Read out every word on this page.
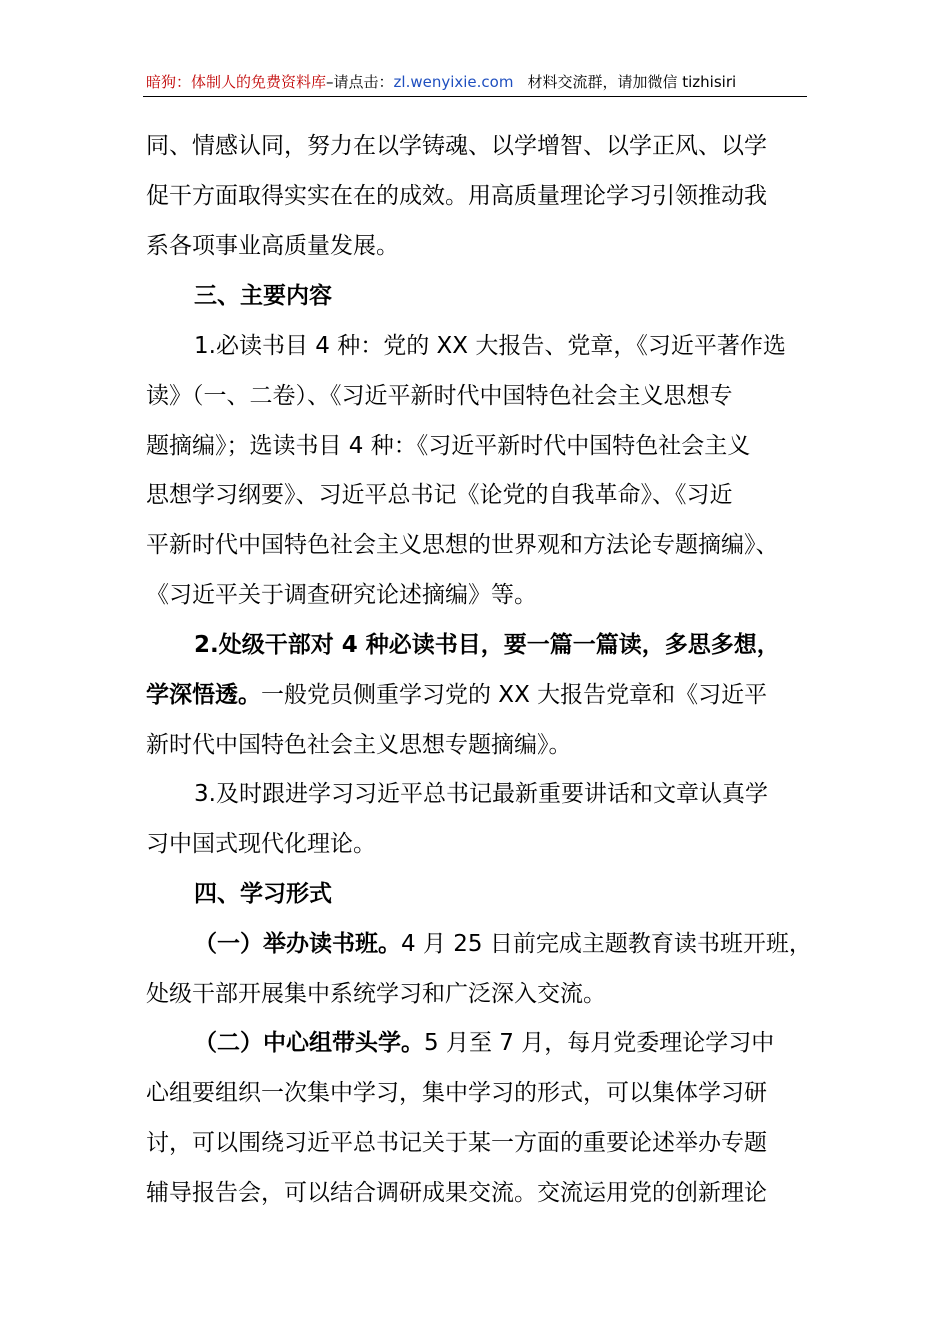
暗狗：体制人的免费资料库–请点击：zl.wenyixie.com 材料交流群，请加微信 tizhisiri
同、情感认同，努力在以学铸魂、以学增智、以学正风、以学
促干方面取得实实在在的成效。用高质量理论学习引领推动我
系各项事业高质量发展。
三、主要内容
1.必读书目 4 种：党的 XX 大报告、党章，《习近平著作选
读》（一、二卷）、《习近平新时代中国特色社会主义思想专
题摘编》；选读书目 4 种：《习近平新时代中国特色社会主义
思想学习纲要》、习近平总书记《论党的自我革命》、《习近
平新时代中国特色社会主义思想的世界观和方法论专题摘编》、
《习近平关于调查研究论述摘编》等。
2.处级干部对 4 种必读书目，要一篇一篇读，多思多想，
学深悟透。一般党员侧重学习党的 XX 大报告党章和《习近平
新时代中国特色社会主义思想专题摘编》。
3.及时跟进学习习近平总书记最新重要讲话和文章认真学
习中国式现代化理论。
四、学习形式
（一）举办读书班。4 月 25 日前完成主题教育读书班开班，
处级干部开展集中系统学习和广泛深入交流。
（二）中心组带头学。5 月至 7 月，每月党委理论学习中
心组要组织一次集中学习，集中学习的形式，可以集体学习研
讨，可以围绕习近平总书记关于某一方面的重要论述举办专题
辅导报告会，可以结合调研成果交流。交流运用党的创新理论
